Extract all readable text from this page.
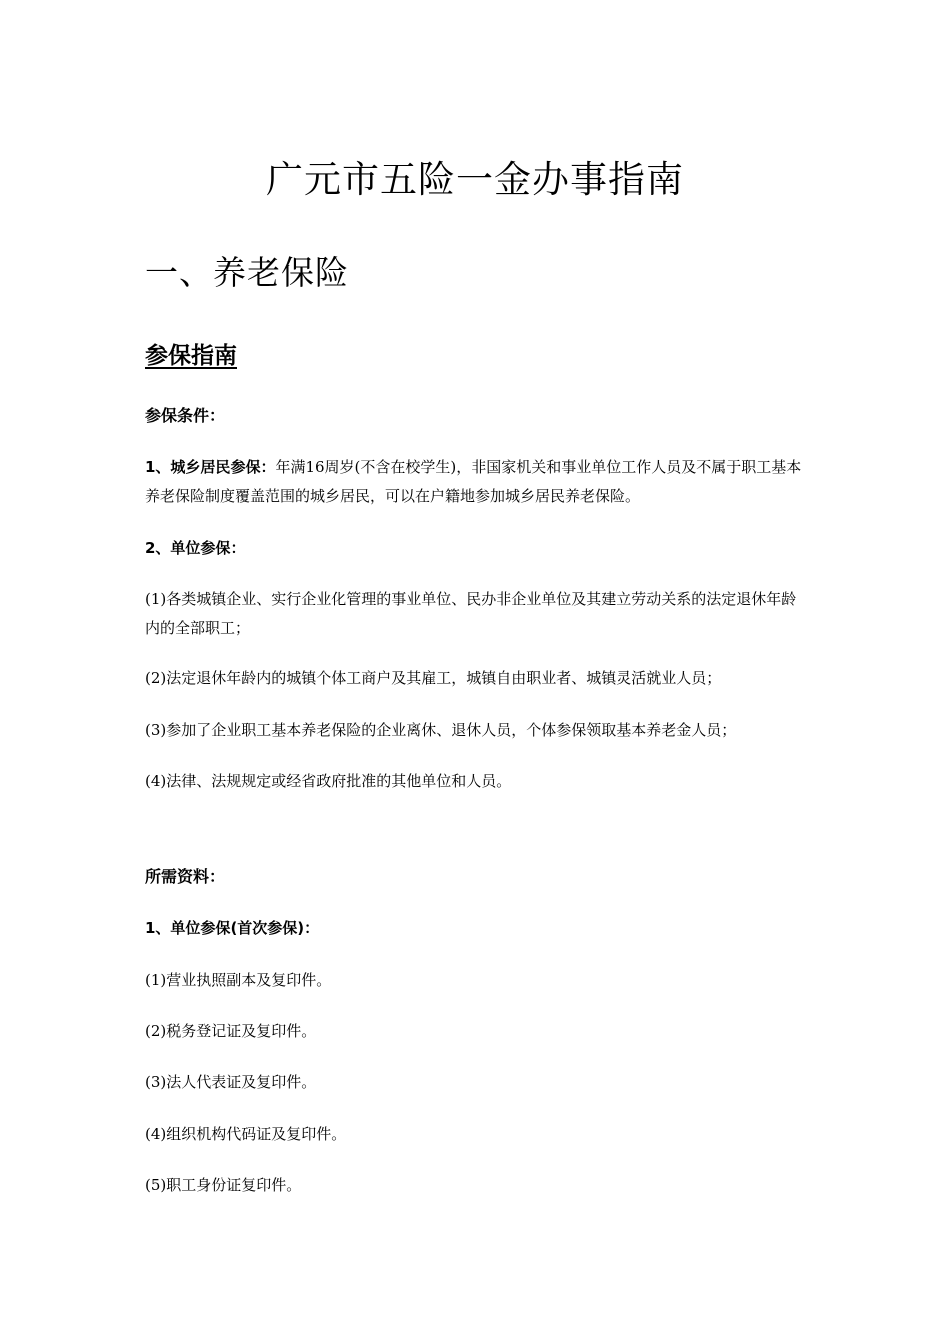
广元市五险一金办事指南
一、养老保险
参保指南

参保条件：

1、城乡居民参保：年满16周岁(不含在校学生)，非国家机关和事业单位工作人员及不属于职工基本养老保险制度覆盖范围的城乡居民，可以在户籍地参加城乡居民养老保险。

2、单位参保：

(1)各类城镇企业、实行企业化管理的事业单位、民办非企业单位及其建立劳动关系的法定退休年龄内的全部职工；

(2)法定退休年龄内的城镇个体工商户及其雇工，城镇自由职业者、城镇灵活就业人员；

(3)参加了企业职工基本养老保险的企业离休、退休人员，个体参保领取基本养老金人员；

(4)法律、法规规定或经省政府批准的其他单位和人员。

所需资料：

1、单位参保(首次参保)：

(1)营业执照副本及复印件。

(2)税务登记证及复印件。

(3)法人代表证及复印件。

(4)组织机构代码证及复印件。

(5)职工身份证复印件。
